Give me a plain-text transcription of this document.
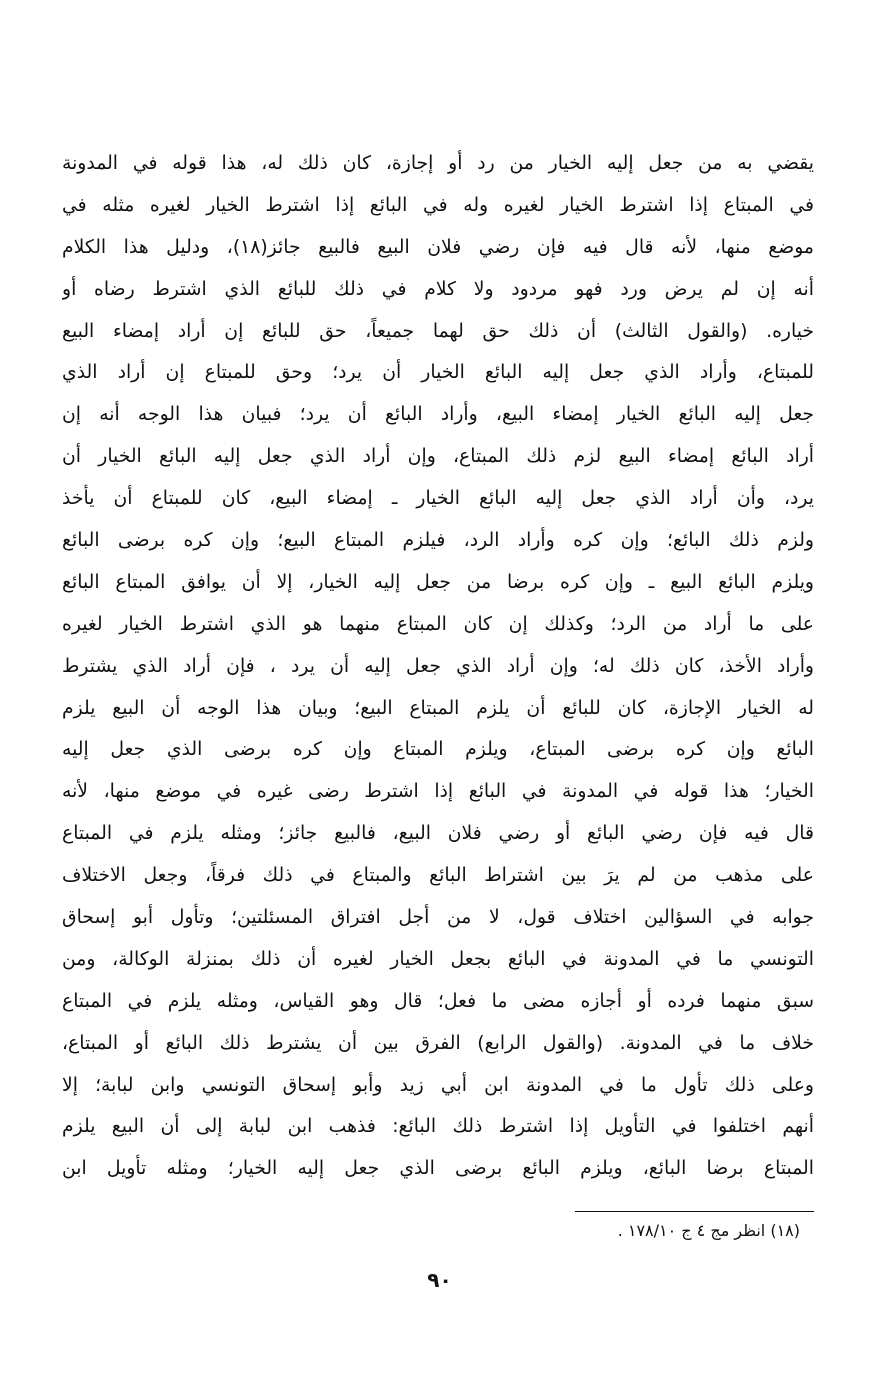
يقضي به من جعل إليه الخيار من رد أو إجازة، كان ذلك له، هذا قوله في المدونة
في المبتاع إذا اشترط الخيار لغيره وله في البائع إذا اشترط الخيار لغيره مثله في
موضع منها، لأنه قال فيه فإن رضي فلان البيع فالبيع جائز(١٨)، ودليل هذا الكلام
أنه إن لم يرض ورد فهو مردود ولا كلام في ذلك للبائع الذي اشترط رضاه أو
خياره. (والقول الثالث) أن ذلك حق لهما جميعاً، حق للبائع إن أراد إمضاء البيع
للمبتاع، وأراد الذي جعل إليه البائع الخيار أن يرد؛ وحق للمبتاع إن أراد الذي
جعل إليه البائع الخيار إمضاء البيع، وأراد البائع أن يرد؛ فبيان هذا الوجه أنه إن
أراد البائع إمضاء البيع لزم ذلك المبتاع، وإن أراد الذي جعل إليه البائع الخيار أن
يرد، وأن أراد الذي جعل إليه البائع الخيار ـ إمضاء البيع، كان للمبتاع أن يأخذ
ولزم ذلك البائع؛ وإن كره وأراد الرد، فيلزم المبتاع البيع؛ وإن كره برضى البائع
ويلزم البائع البيع ـ وإن كره برضا من جعل إليه الخيار، إلا أن يوافق المبتاع البائع
على ما أراد من الرد؛ وكذلك إن كان المبتاع منهما هو الذي اشترط الخيار لغيره
وأراد الأخذ، كان ذلك له؛ وإن أراد الذي جعل إليه أن يرد ، فإن أراد الذي يشترط
له الخيار الإجازة، كان للبائع أن يلزم المبتاع البيع؛ وبيان هذا الوجه أن البيع يلزم
البائع وإن كره برضى المبتاع، ويلزم المبتاع وإن كره برضى الذي جعل إليه
الخيار؛ هذا قوله في المدونة في البائع إذا اشترط رضى غيره في موضع منها، لأنه
قال فيه فإن رضي البائع أو رضي فلان البيع، فالبيع جائز؛ ومثله يلزم في المبتاع
على مذهب من لم يرَ بين اشتراط البائع والمبتاع في ذلك فرقاً، وجعل الاختلاف
جوابه في السؤالين اختلاف قول، لا من أجل افتراق المسئلتين؛ وتأول أبو إسحاق
التونسي ما في المدونة في البائع بجعل الخيار لغيره أن ذلك بمنزلة الوكالة، ومن
سبق منهما فرده أو أجازه مضى ما فعل؛ قال وهو القياس، ومثله يلزم في المبتاع
خلاف ما في المدونة. (والقول الرابع) الفرق بين أن يشترط ذلك البائع أو المبتاع،
وعلى ذلك تأول ما في المدونة ابن أبي زيد وأبو إسحاق التونسي وابن لبابة؛ إلا
أنهم اختلفوا في التأويل إذا اشترط ذلك البائع: فذهب ابن لبابة إلى أن البيع يلزم
المبتاع برضا البائع، ويلزم البائع برضى الذي جعل إليه الخيار؛ ومثله تأويل ابن
(١٨) انظر مج ٤ ج ١٧٨/١٠ .
٩٠
